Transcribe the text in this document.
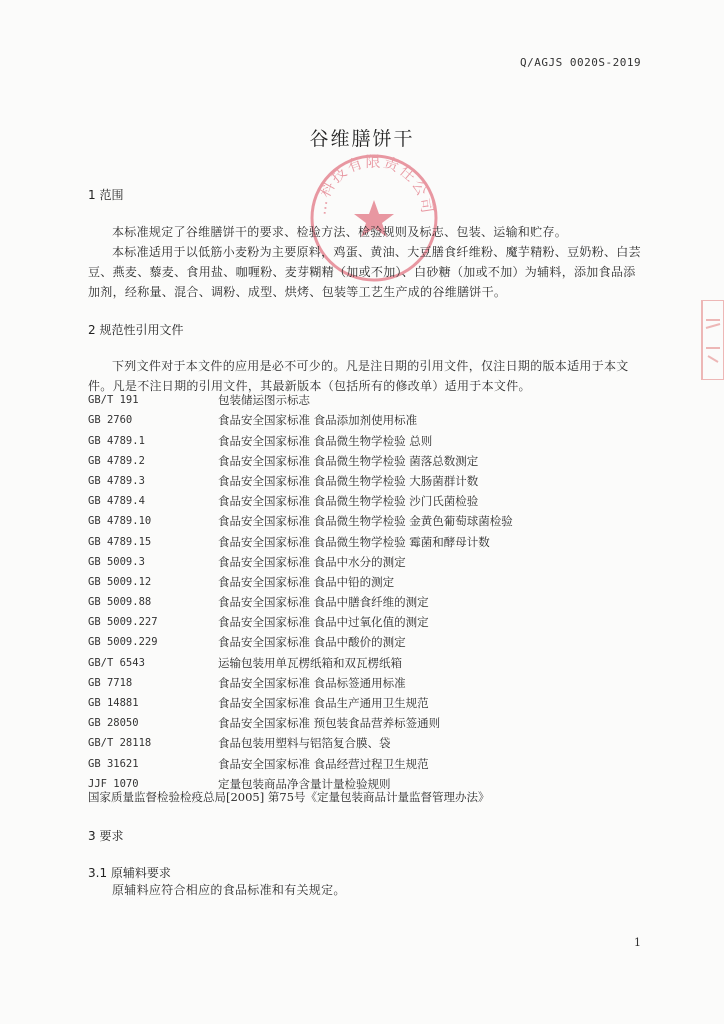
Q/AGJS 0020S-2019
谷维膳饼干
…科技有限责任公司
1 范围

本标准规定了谷维膳饼干的要求、检验方法、检验规则及标志、包装、运输和贮存。

本标准适用于以低筋小麦粉为主要原料，鸡蛋、黄油、大豆膳食纤维粉、魔芋精粉、豆奶粉、白芸豆、燕麦、藜麦、食用盐、咖喱粉、麦芽糊精（加或不加）、白砂糖（加或不加）为辅料，添加食品添加剂，经称量、混合、调粉、成型、烘烤、包装等工艺生产成的谷维膳饼干。

2 规范性引用文件

下列文件对于本文件的应用是必不可少的。凡是注日期的引用文件，仅注日期的版本适用于本文件。凡是不注日期的引用文件，其最新版本（包括所有的修改单）适用于本文件。

GB/T 191	包装储运图示标志
GB 2760	食品安全国家标准 食品添加剂使用标准
GB 4789.1	食品安全国家标准 食品微生物学检验 总则
GB 4789.2	食品安全国家标准 食品微生物学检验 菌落总数测定
GB 4789.3	食品安全国家标准 食品微生物学检验 大肠菌群计数
GB 4789.4	食品安全国家标准 食品微生物学检验 沙门氏菌检验
GB 4789.10	食品安全国家标准 食品微生物学检验 金黄色葡萄球菌检验
GB 4789.15	食品安全国家标准 食品微生物学检验 霉菌和酵母计数
GB 5009.3	食品安全国家标准 食品中水分的测定
GB 5009.12	食品安全国家标准 食品中铅的测定
GB 5009.88	食品安全国家标准 食品中膳食纤维的测定
GB 5009.227	食品安全国家标准 食品中过氧化值的测定
GB 5009.229	食品安全国家标准 食品中酸价的测定
GB/T 6543	运输包装用单瓦楞纸箱和双瓦楞纸箱
GB 7718	食品安全国家标准 食品标签通用标准
GB 14881	食品安全国家标准 食品生产通用卫生规范
GB 28050	食品安全国家标准 预包装食品营养标签通则
GB/T 28118	食品包装用塑料与铝箔复合膜、袋
GB 31621	食品安全国家标准 食品经营过程卫生规范
JJF 1070	定量包装商品净含量计量检验规则
国家质量监督检验检疫总局[2005] 第75号《定量包装商品计量监督管理办法》
3 要求
3.1 原辅料要求

原辅料应符合相应的食品标准和有关规定。

1
